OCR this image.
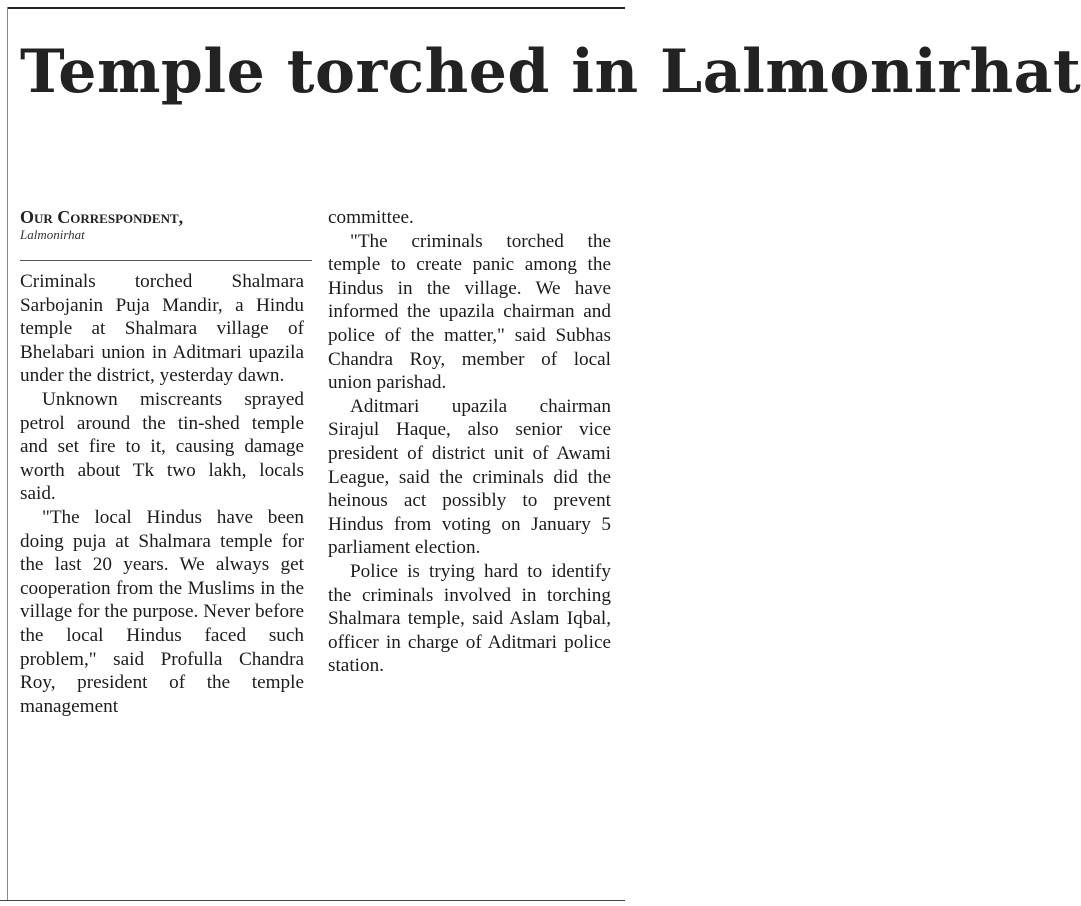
Temple torched in Lalmonirhat
Our Correspondent,
Lalmonirhat

Criminals torched Shalmara Sarbojanin Puja Mandir, a Hindu temple at Shalmara village of Bhelabari union in Aditmari upazila under the district, yesterday dawn.

Unknown miscreants sprayed petrol around the tin-shed temple and set fire to it, causing damage worth about Tk two lakh, locals said.

"The local Hindus have been doing puja at Shalmara temple for the last 20 years. We always get cooperation from the Muslims in the village for the purpose. Never before the local Hindus faced such problem," said Profulla Chandra Roy, president of the temple management

committee.

"The criminals torched the temple to create panic among the Hindus in the village. We have informed the upazila chairman and police of the matter," said Subhas Chandra Roy, member of local union parishad.

Aditmari upazila chairman Sirajul Haque, also senior vice president of district unit of Awami League, said the criminals did the heinous act possibly to prevent Hindus from voting on January 5 parliament election.

Police is trying hard to identify the criminals involved in torching Shalmara temple, said Aslam Iqbal, officer in charge of Aditmari police station.
